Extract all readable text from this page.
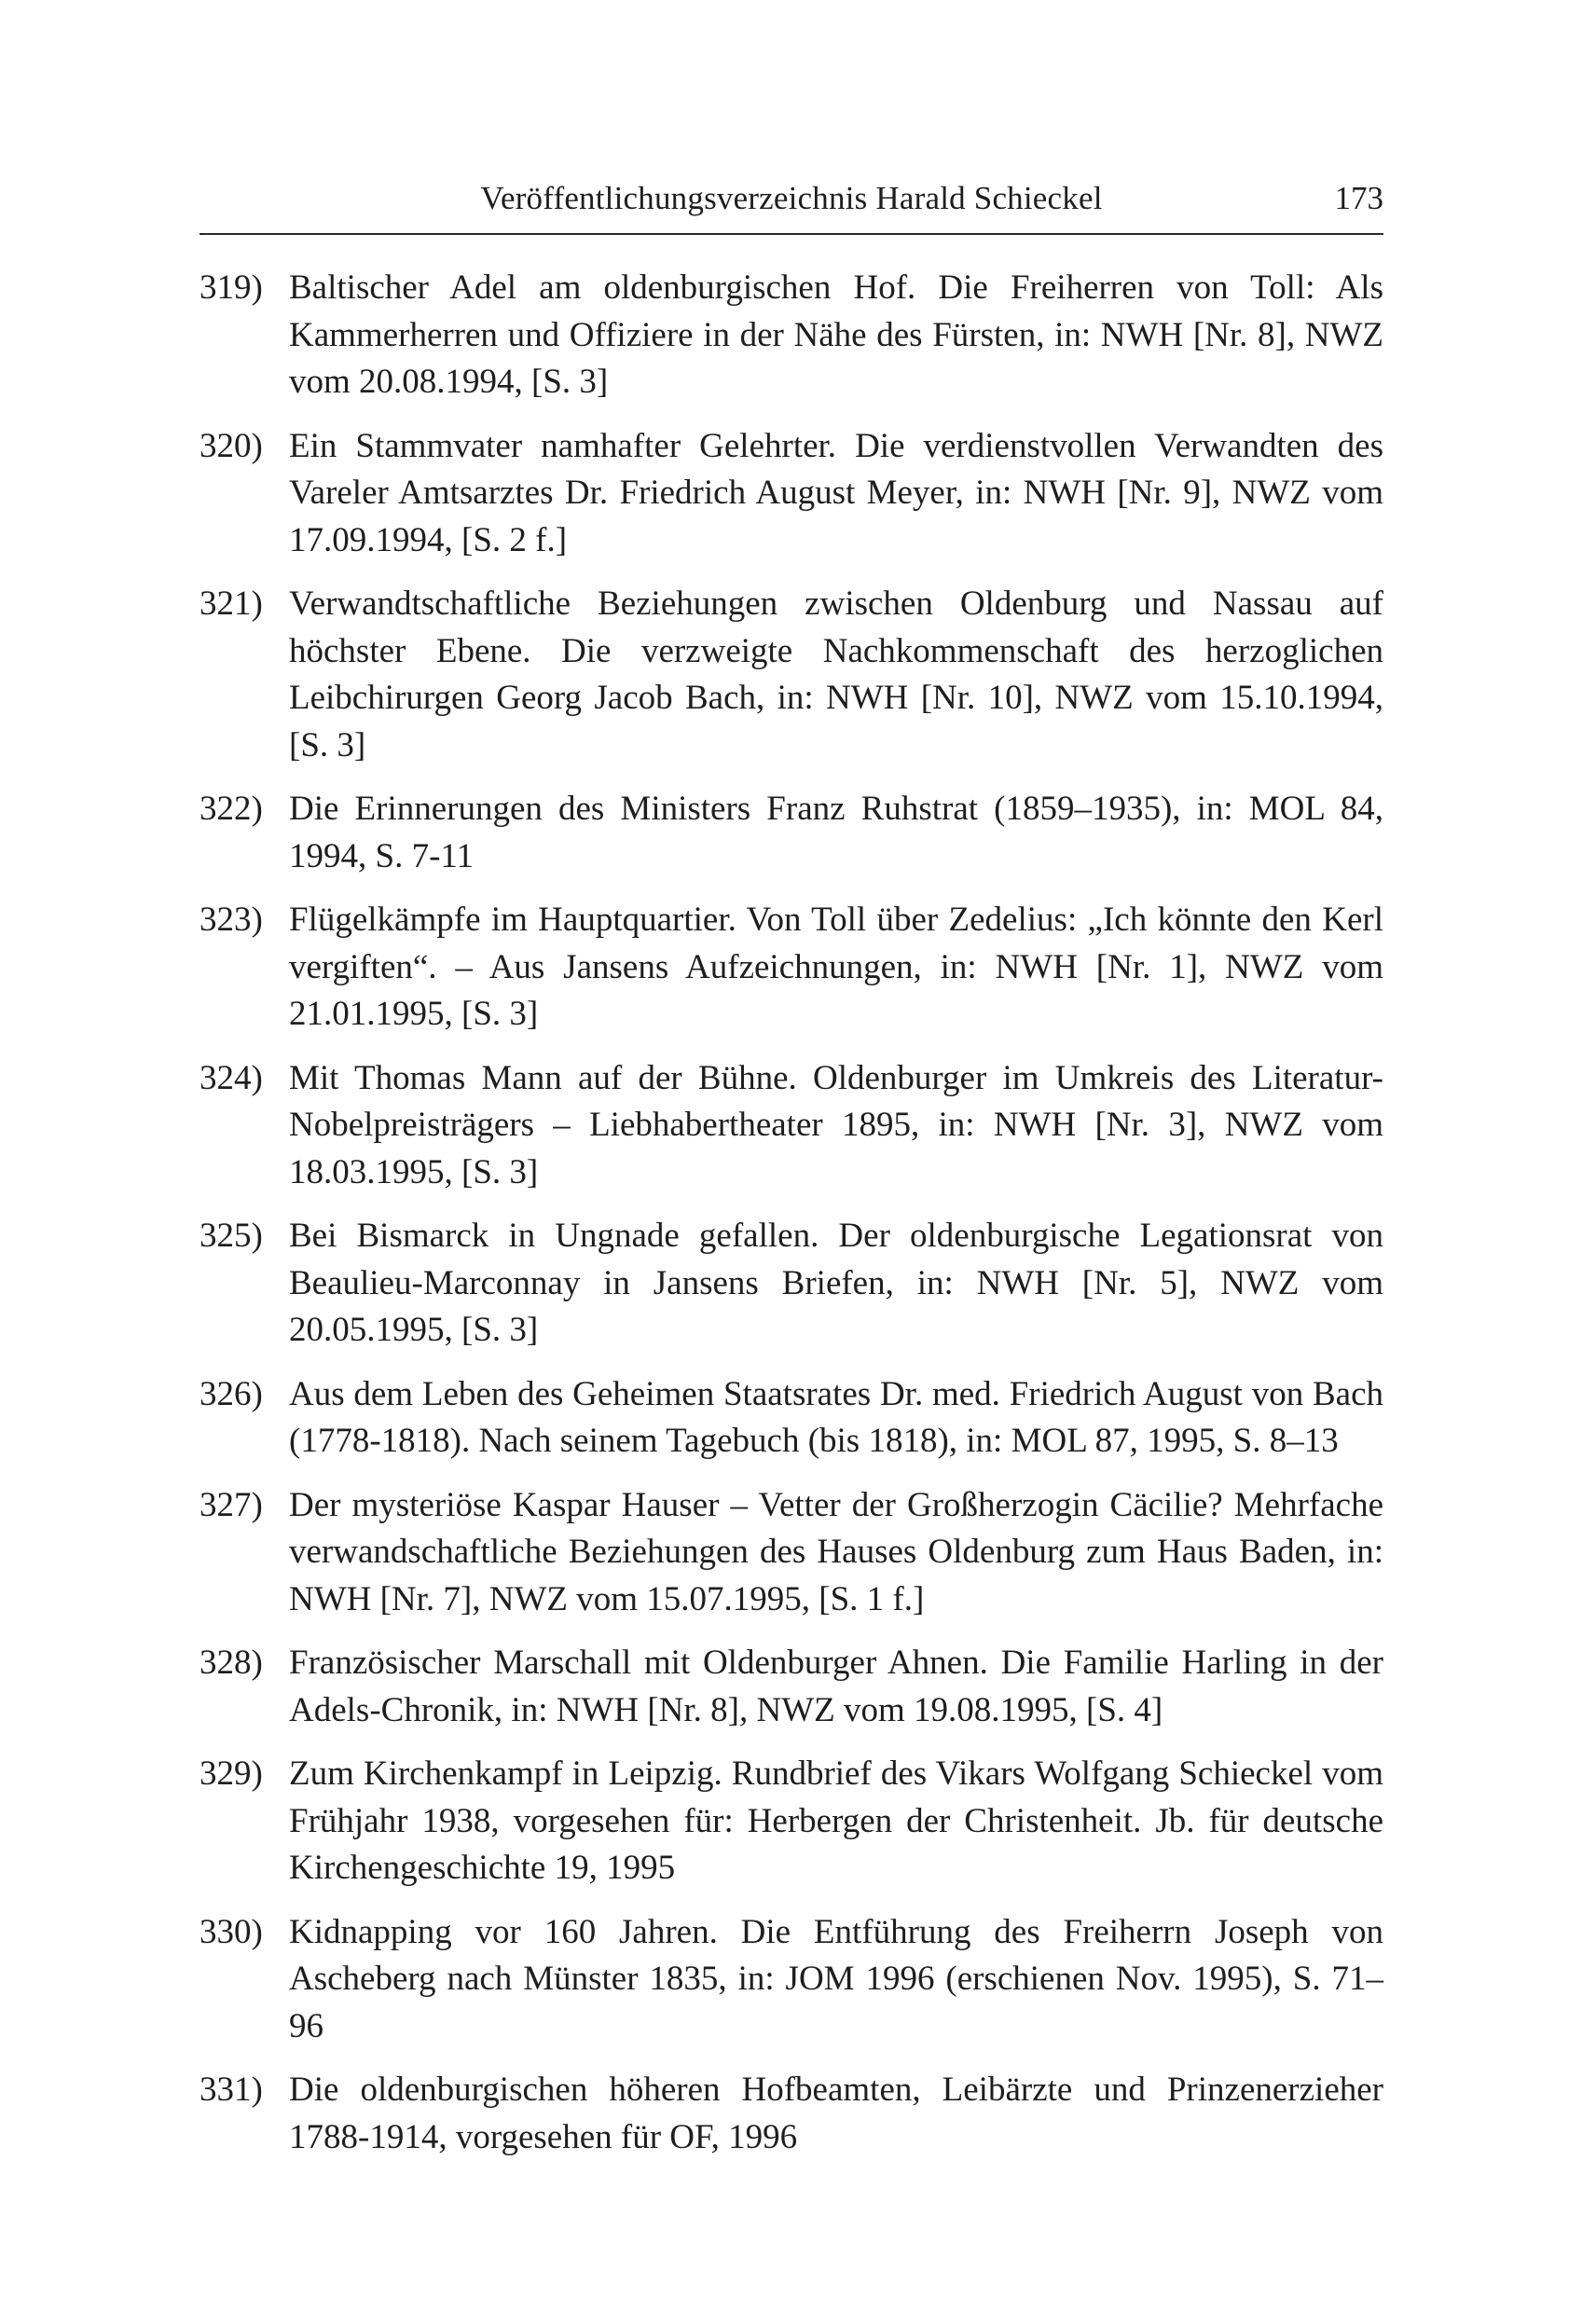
Veröffentlichungsverzeichnis Harald Schieckel	173
319) Baltischer Adel am oldenburgischen Hof. Die Freiherren von Toll: Als Kammerherren und Offiziere in der Nähe des Fürsten, in: NWH [Nr. 8], NWZ vom 20.08.1994, [S. 3]
320) Ein Stammvater namhafter Gelehrter. Die verdienstvollen Verwandten des Vareler Amtsarztes Dr. Friedrich August Meyer, in: NWH [Nr. 9], NWZ vom 17.09.1994, [S. 2 f.]
321) Verwandtschaftliche Beziehungen zwischen Oldenburg und Nassau auf höchster Ebene. Die verzweigte Nachkommenschaft des herzoglichen Leibchirurgen Georg Jacob Bach, in: NWH [Nr. 10], NWZ vom 15.10.1994, [S. 3]
322) Die Erinnerungen des Ministers Franz Ruhstrat (1859–1935), in: MOL 84, 1994, S. 7-11
323) Flügelkämpfe im Hauptquartier. Von Toll über Zedelius: „Ich könnte den Kerl vergiften“. – Aus Jansens Aufzeichnungen, in: NWH [Nr. 1], NWZ vom 21.01.1995, [S. 3]
324) Mit Thomas Mann auf der Bühne. Oldenburger im Umkreis des Literatur-Nobelpreisträgers – Liebhabertheater 1895, in: NWH [Nr. 3], NWZ vom 18.03.1995, [S. 3]
325) Bei Bismarck in Ungnade gefallen. Der oldenburgische Legationsrat von Beaulieu-Marconnay in Jansens Briefen, in: NWH [Nr. 5], NWZ vom 20.05.1995, [S. 3]
326) Aus dem Leben des Geheimen Staatsrates Dr. med. Friedrich August von Bach (1778-1818). Nach seinem Tagebuch (bis 1818), in: MOL 87, 1995, S. 8–13
327) Der mysteriöse Kaspar Hauser – Vetter der Großherzogin Cäcilie? Mehrfache verwandschaftliche Beziehungen des Hauses Oldenburg zum Haus Baden, in: NWH [Nr. 7], NWZ vom 15.07.1995, [S. 1 f.]
328) Französischer Marschall mit Oldenburger Ahnen. Die Familie Harling in der Adels-Chronik, in: NWH [Nr. 8], NWZ vom 19.08.1995, [S. 4]
329) Zum Kirchenkampf in Leipzig. Rundbrief des Vikars Wolfgang Schieckel vom Frühjahr 1938, vorgesehen für: Herbergen der Christenheit. Jb. für deutsche Kirchengeschichte 19, 1995
330) Kidnapping vor 160 Jahren. Die Entführung des Freiherrn Joseph von Ascheberg nach Münster 1835, in: JOM 1996 (erschienen Nov. 1995), S. 71–96
331) Die oldenburgischen höheren Hofbeamten, Leibärzte und Prinzenerzieher 1788-1914, vorgesehen für OF, 1996
